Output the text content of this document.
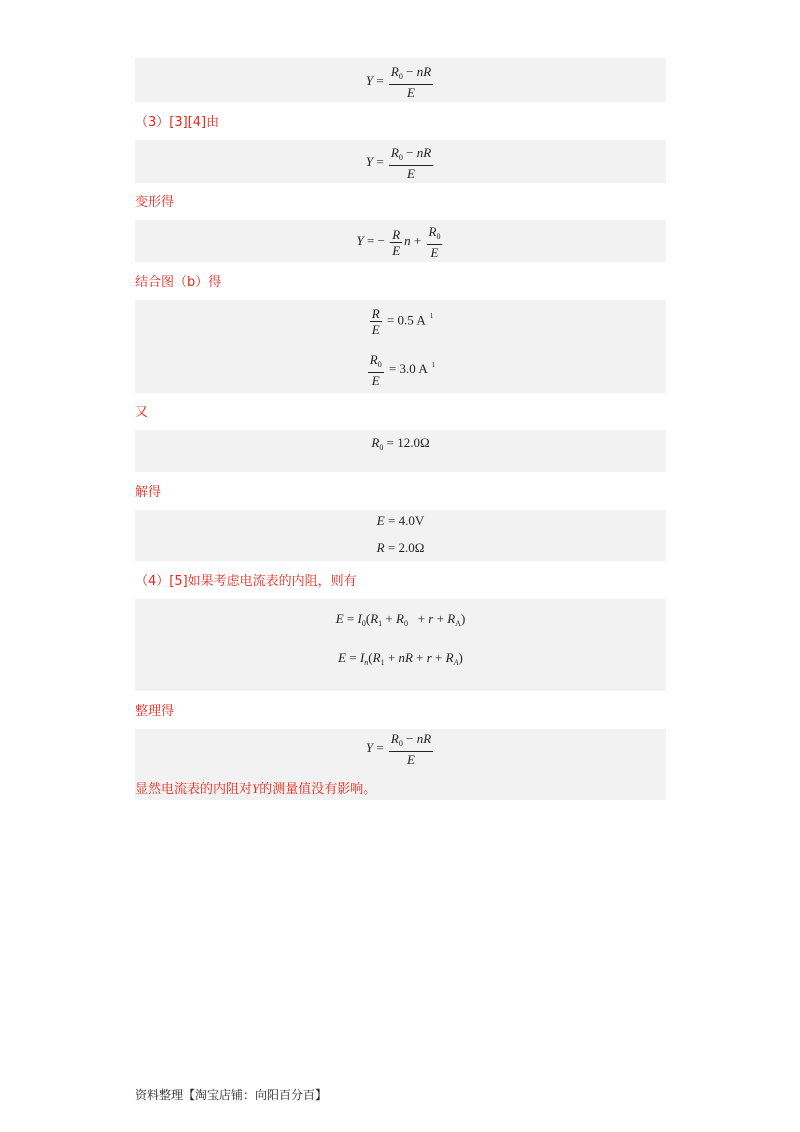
$Y = \frac{R_0 - nR}{E}$
（3）[3][4]由
$Y = \frac{R_0 - nR}{E}$
变形得
Y = − $\frac{R}{E}$ $n + \frac{R_0}{E}$
结合图（b）得
$\frac{R}{E} = 0.5$ A $^1$
$\frac{R_0}{E} = 3.0$ A $^1$
又
$R_0 = 12.0\Omega$
解得
E = 4.0V
R = 2.0Ω
（4）[5]如果考虑电流表的内阻，则有
$E = I_0(R_1 + R_0 + r + R_A)$
$E = I_n(R_1$ + nR + $r + R_A$)
整理得
$Y = \frac{R_0 - nR}{E}$
显然电流表的内阻对Y的测量值没有影响。
资料整理【淘宝店铺：向阳百分百】
